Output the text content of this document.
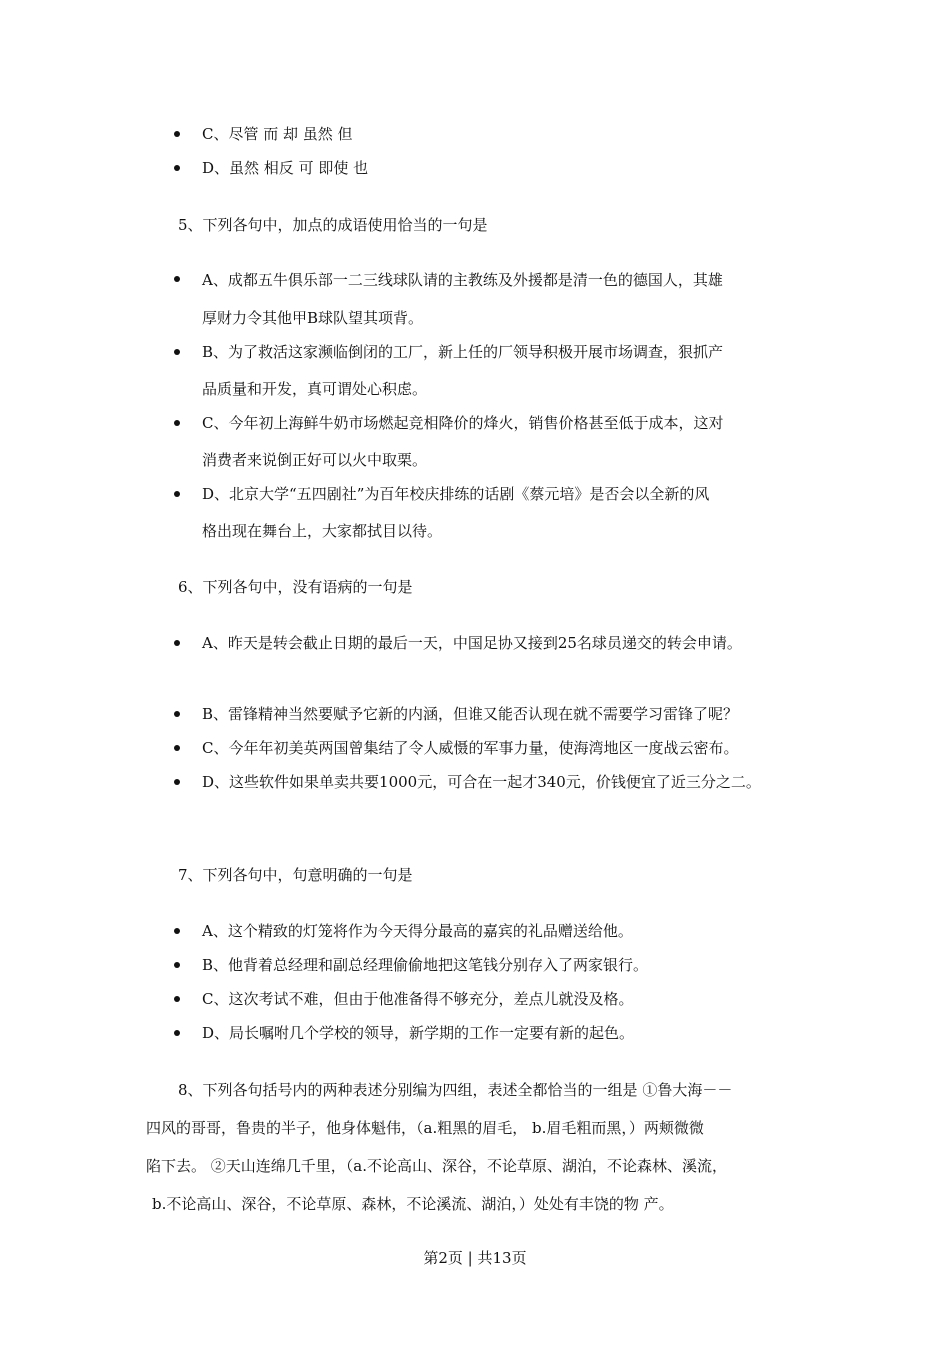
C、尽管 而 却 虽然 但
D、虽然 相反 可 即使 也
5、下列各句中，加点的成语使用恰当的一句是
A、成都五牛俱乐部一二三线球队请的主教练及外援都是清一色的德国人，其雄
厚财力令其他甲B球队望其项背。
B、为了救活这家濒临倒闭的工厂，新上任的厂领导积极开展市场调查，狠抓产
品质量和开发，真可谓处心积虑。
C、今年初上海鲜牛奶市场燃起竞相降价的烽火，销售价格甚至低于成本，这对
消费者来说倒正好可以火中取栗。
D、北京大学“五四剧社”为百年校庆排练的话剧《蔡元培》是否会以全新的风
格出现在舞台上，大家都拭目以待。
6、下列各句中，没有语病的一句是
A、昨天是转会截止日期的最后一天，中国足协又接到25名球员递交的转会申请。
B、雷锋精神当然要赋予它新的内涵，但谁又能否认现在就不需要学习雷锋了呢？
C、今年年初美英两国曾集结了令人威慑的军事力量，使海湾地区一度战云密布。
D、这些软件如果单卖共要1000元，可合在一起才340元，价钱便宜了近三分之二。
7、下列各句中，句意明确的一句是
A、这个精致的灯笼将作为今天得分最高的嘉宾的礼品赠送给他。
B、他背着总经理和副总经理偷偷地把这笔钱分别存入了两家银行。
C、这次考试不难，但由于他准备得不够充分，差点儿就没及格。
D、局长嘱咐几个学校的领导，新学期的工作一定要有新的起色。
8、下列各句括号内的两种表述分别编为四组，表述全都恰当的一组是 ①鲁大海－－
四风的哥哥，鲁贵的半子，他身体魁伟，（a.粗黑的眉毛， b.眉毛粗而黑，）两颊微微
陷下去。 ②天山连绵几千里，（a.不论高山、深谷，不论草原、湖泊，不论森林、溪流，
b.不论高山、深谷，不论草原、森林，不论溪流、湖泊，）处处有丰饶的物 产。
第2页 | 共13页
